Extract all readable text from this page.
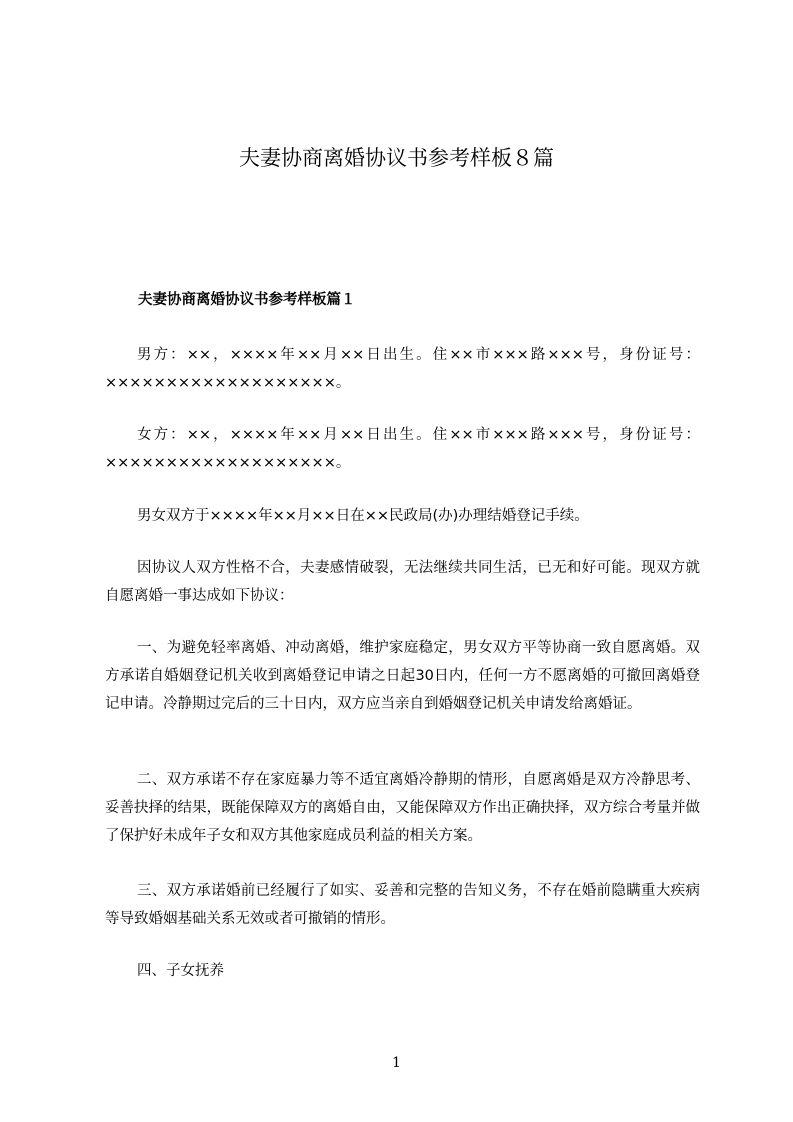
夫妻协商离婚协议书参考样板８篇
夫妻协商离婚协议书参考样板篇１
男方：××，××××年××月××日出生。住××市×××路×××号，身份证号：×××××××××××××××××××。
女方：××，××××年××月××日出生。住××市×××路×××号，身份证号：×××××××××××××××××××。
男女双方于××××年××月××日在××民政局(办)办理结婚登记手续。
因协议人双方性格不合，夫妻感情破裂，无法继续共同生活，已无和好可能。现双方就自愿离婚一事达成如下协议：
一、为避免轻率离婚、冲动离婚，维护家庭稳定，男女双方平等协商一致自愿离婚。双方承诺自婚姻登记机关收到离婚登记申请之日起30日内，任何一方不愿离婚的可撤回离婚登记申请。冷静期过完后的三十日内，双方应当亲自到婚姻登记机关申请发给离婚证。
二、双方承诺不存在家庭暴力等不适宜离婚冷静期的情形，自愿离婚是双方冷静思考、妥善抉择的结果，既能保障双方的离婚自由，又能保障双方作出正确抉择，双方综合考量并做了保护好未成年子女和双方其他家庭成员利益的相关方案。
三、双方承诺婚前已经履行了如实、妥善和完整的告知义务，不存在婚前隐瞒重大疾病等导致婚姻基础关系无效或者可撤销的情形。
四、子女抚养
1
